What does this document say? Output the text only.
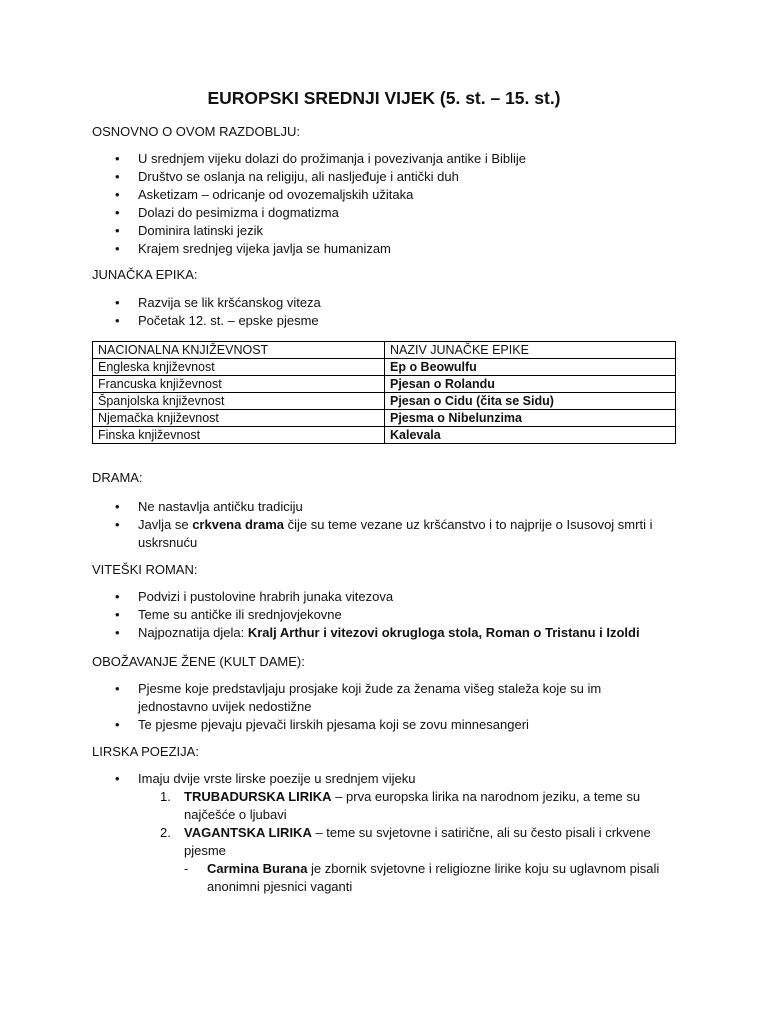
EUROPSKI SREDNJI VIJEK (5. st. – 15. st.)
OSNOVNO O OVOM RAZDOBLJU:
• U srednjem vijeku dolazi do prožimanja i povezivanja antike i Biblije
• Društvo se oslanja na religiju, ali nasljeđuje i antički duh
• Asketizam – odricanje od ovozemaljskih užitaka
• Dolazi do pesimizma i dogmatizma
• Dominira latinski jezik
• Krajem srednjeg vijeka javlja se humanizam
JUNAČKA EPIKA:
• Razvija se lik kršćanskog viteza
• Početak 12. st. – epske pjesme
NACIONALNA KNJIŽEVNOST	NAZIV JUNAČKE EPIKE
Engleska književnost	Ep o Beowulfu
Francuska književnost	Pjesan o Rolandu
Španjolska književnost	Pjesan o Cidu (čita se Sidu)
Njemačka književnost	Pjesma o Nibelunzima
Finska književnost	Kalevala
DRAMA:
• Ne nastavlja antičku tradiciju
• Javlja se crkvena drama čije su teme vezane uz kršćanstvo i to najprije o Isusovoj smrti i uskrsnuću
VITEŠKI ROMAN:
• Podvizi i pustolovine hrabrih junaka vitezova
• Teme su antičke ili srednjovjekovne
• Najpoznatija djela: Kralj Arthur i vitezovi okrugloga stola, Roman o Tristanu i Izoldi
OBOŽAVANJE ŽENE (KULT DAME):
• Pjesme koje predstavljaju prosjake koji žude za ženama višeg staleža koje su im jednostavno uvijek nedostižne
• Te pjesme pjevaju pjevači lirskih pjesama koji se zovu minnesangeri
LIRSKA POEZIJA:
• Imaju dvije vrste lirske poezije u srednjem vijeku
1. TRUBADURSKA LIRIKA – prva europska lirika na narodnom jeziku, a teme su najčešće o ljubavi
2. VAGANTSKA LIRIKA – teme su svjetovne i satirične, ali su često pisali i crkvene pjesme
-	Carmina Burana je zbornik svjetovne i religiozne lirike koju su uglavnom pisali anonimni pjesnici vaganti
